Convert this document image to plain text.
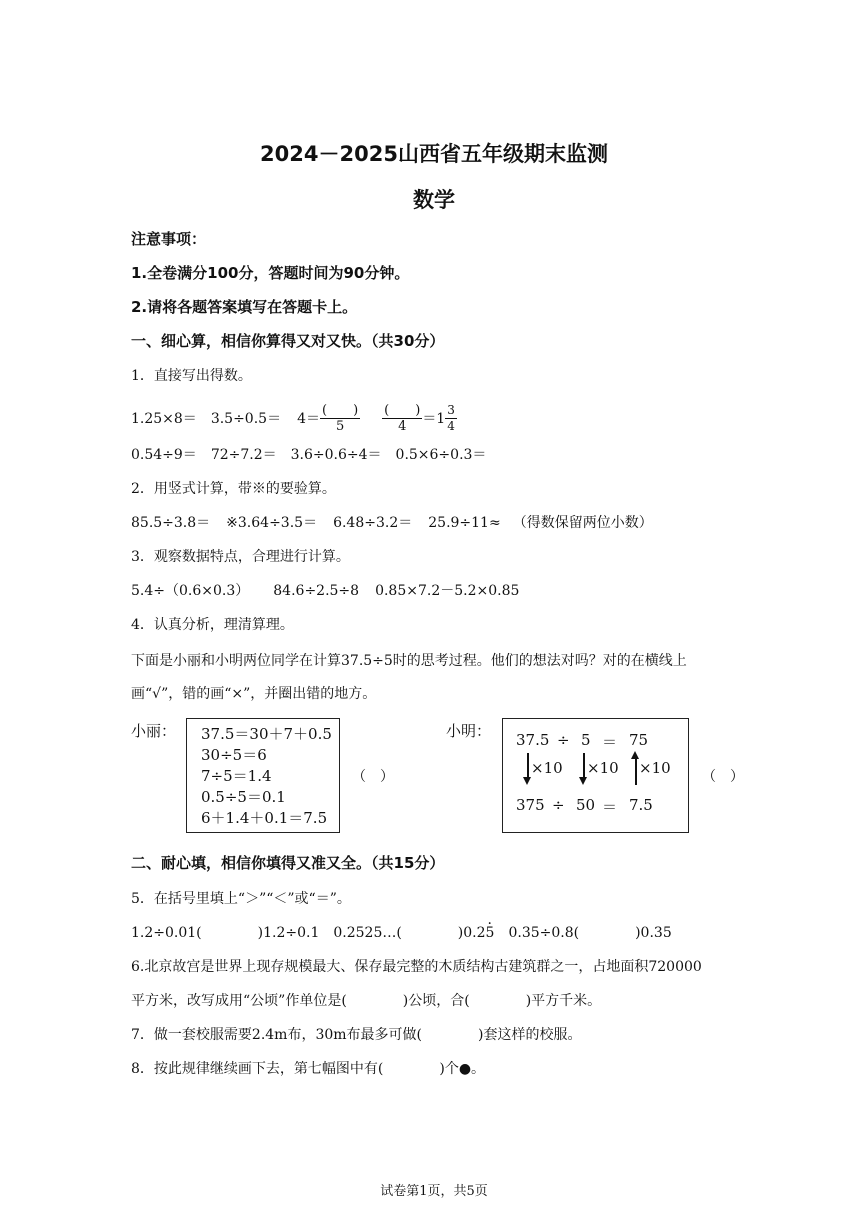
2024－2025山西省五年级期末监测
数学
注意事项：
1.全卷满分100分，答题时间为90分钟。
2.请将各题答案填写在答题卡上。
一、细心算，相信你算得又对又快。（共30分）
1．直接写出得数。
$1.25\times 8= 3.5\div 0.5= 4= \frac{( )}{5} \frac{( )}{4} =1 \frac{3}{4}$
0.54÷9＝ 72÷7.2＝ 3.6÷0.6÷4＝ 0.5×6÷0.3＝
2．用竖式计算，带※的要验算。
85.5÷3.8＝ ※3.64÷3.5＝ 6.48÷3.2＝ 25.9÷11≈ （得数保留两位小数）
3．观察数据特点，合理进行计算。
5.4÷（0.6×0.3） 84.6÷2.5÷8 0.85×7.2－5.2×0.85
4．认真分析，理清算理。
下面是小丽和小明两位同学在计算37.5÷5时的思考过程。他们的想法对吗？对的在横线上
画“√”，错的画“×”，并圈出错的地方。
小丽： 37.5＝30＋7＋0.5
30÷5＝6
7÷5＝1.4
0.5÷5＝0.1
6＋1.4＋0.1＝7.5
（　）
小明： 37.5 ÷ 5 ＝ 75
×10 ×10 ×10
375 ÷ 50 ＝ 7.5
（　）
二、耐心填，相信你填得又准又全。（共15分）
5．在括号里填上“＞”“＜”或“＝”。
1.2÷0.01(　　　　)1.2÷0.1 0.2525…(　　　　)0.25 · 0.35÷0.8(　　　　)0.35
6.北京故宫是世界上现存规模最大、保存最完整的木质结构古建筑群之一，占地面积720000
平方米，改写成用“公顷”作单位是(　　　　)公顷，合(　　　　)平方千米。
7．做一套校服需要2.4m布，30m布最多可做(　　　　)套这样的校服。
8．按此规律继续画下去，第七幅图中有(　　　　)个●。
试卷第1页，共5页
